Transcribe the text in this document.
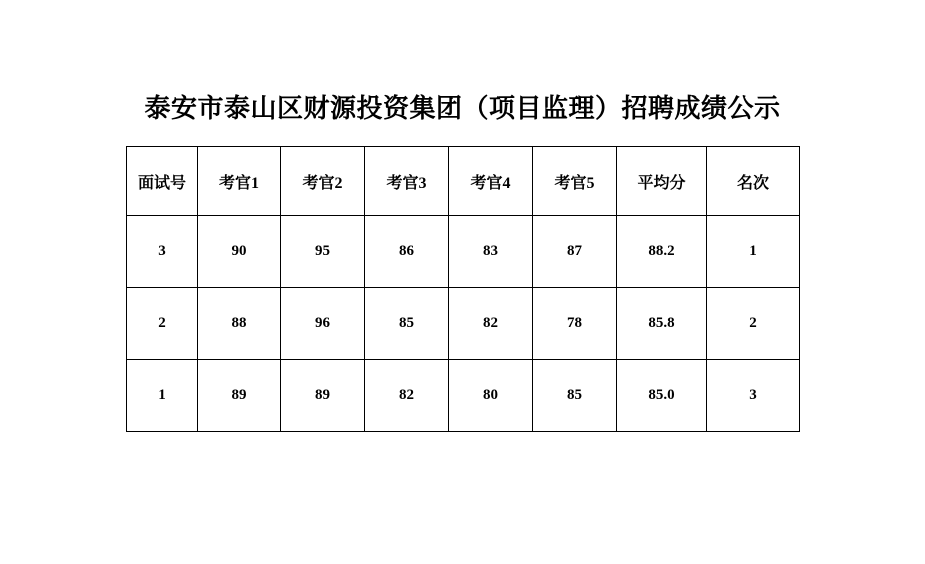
泰安市泰山区财源投资集团（项目监理）招聘成绩公示
面试号	考官1	考官2	考官3	考官4	考官5	平均分	名次
3	90	95	86	83	87	88.2	1
2	88	96	85	82	78	85.8	2
1	89	89	82	80	85	85.0	3
